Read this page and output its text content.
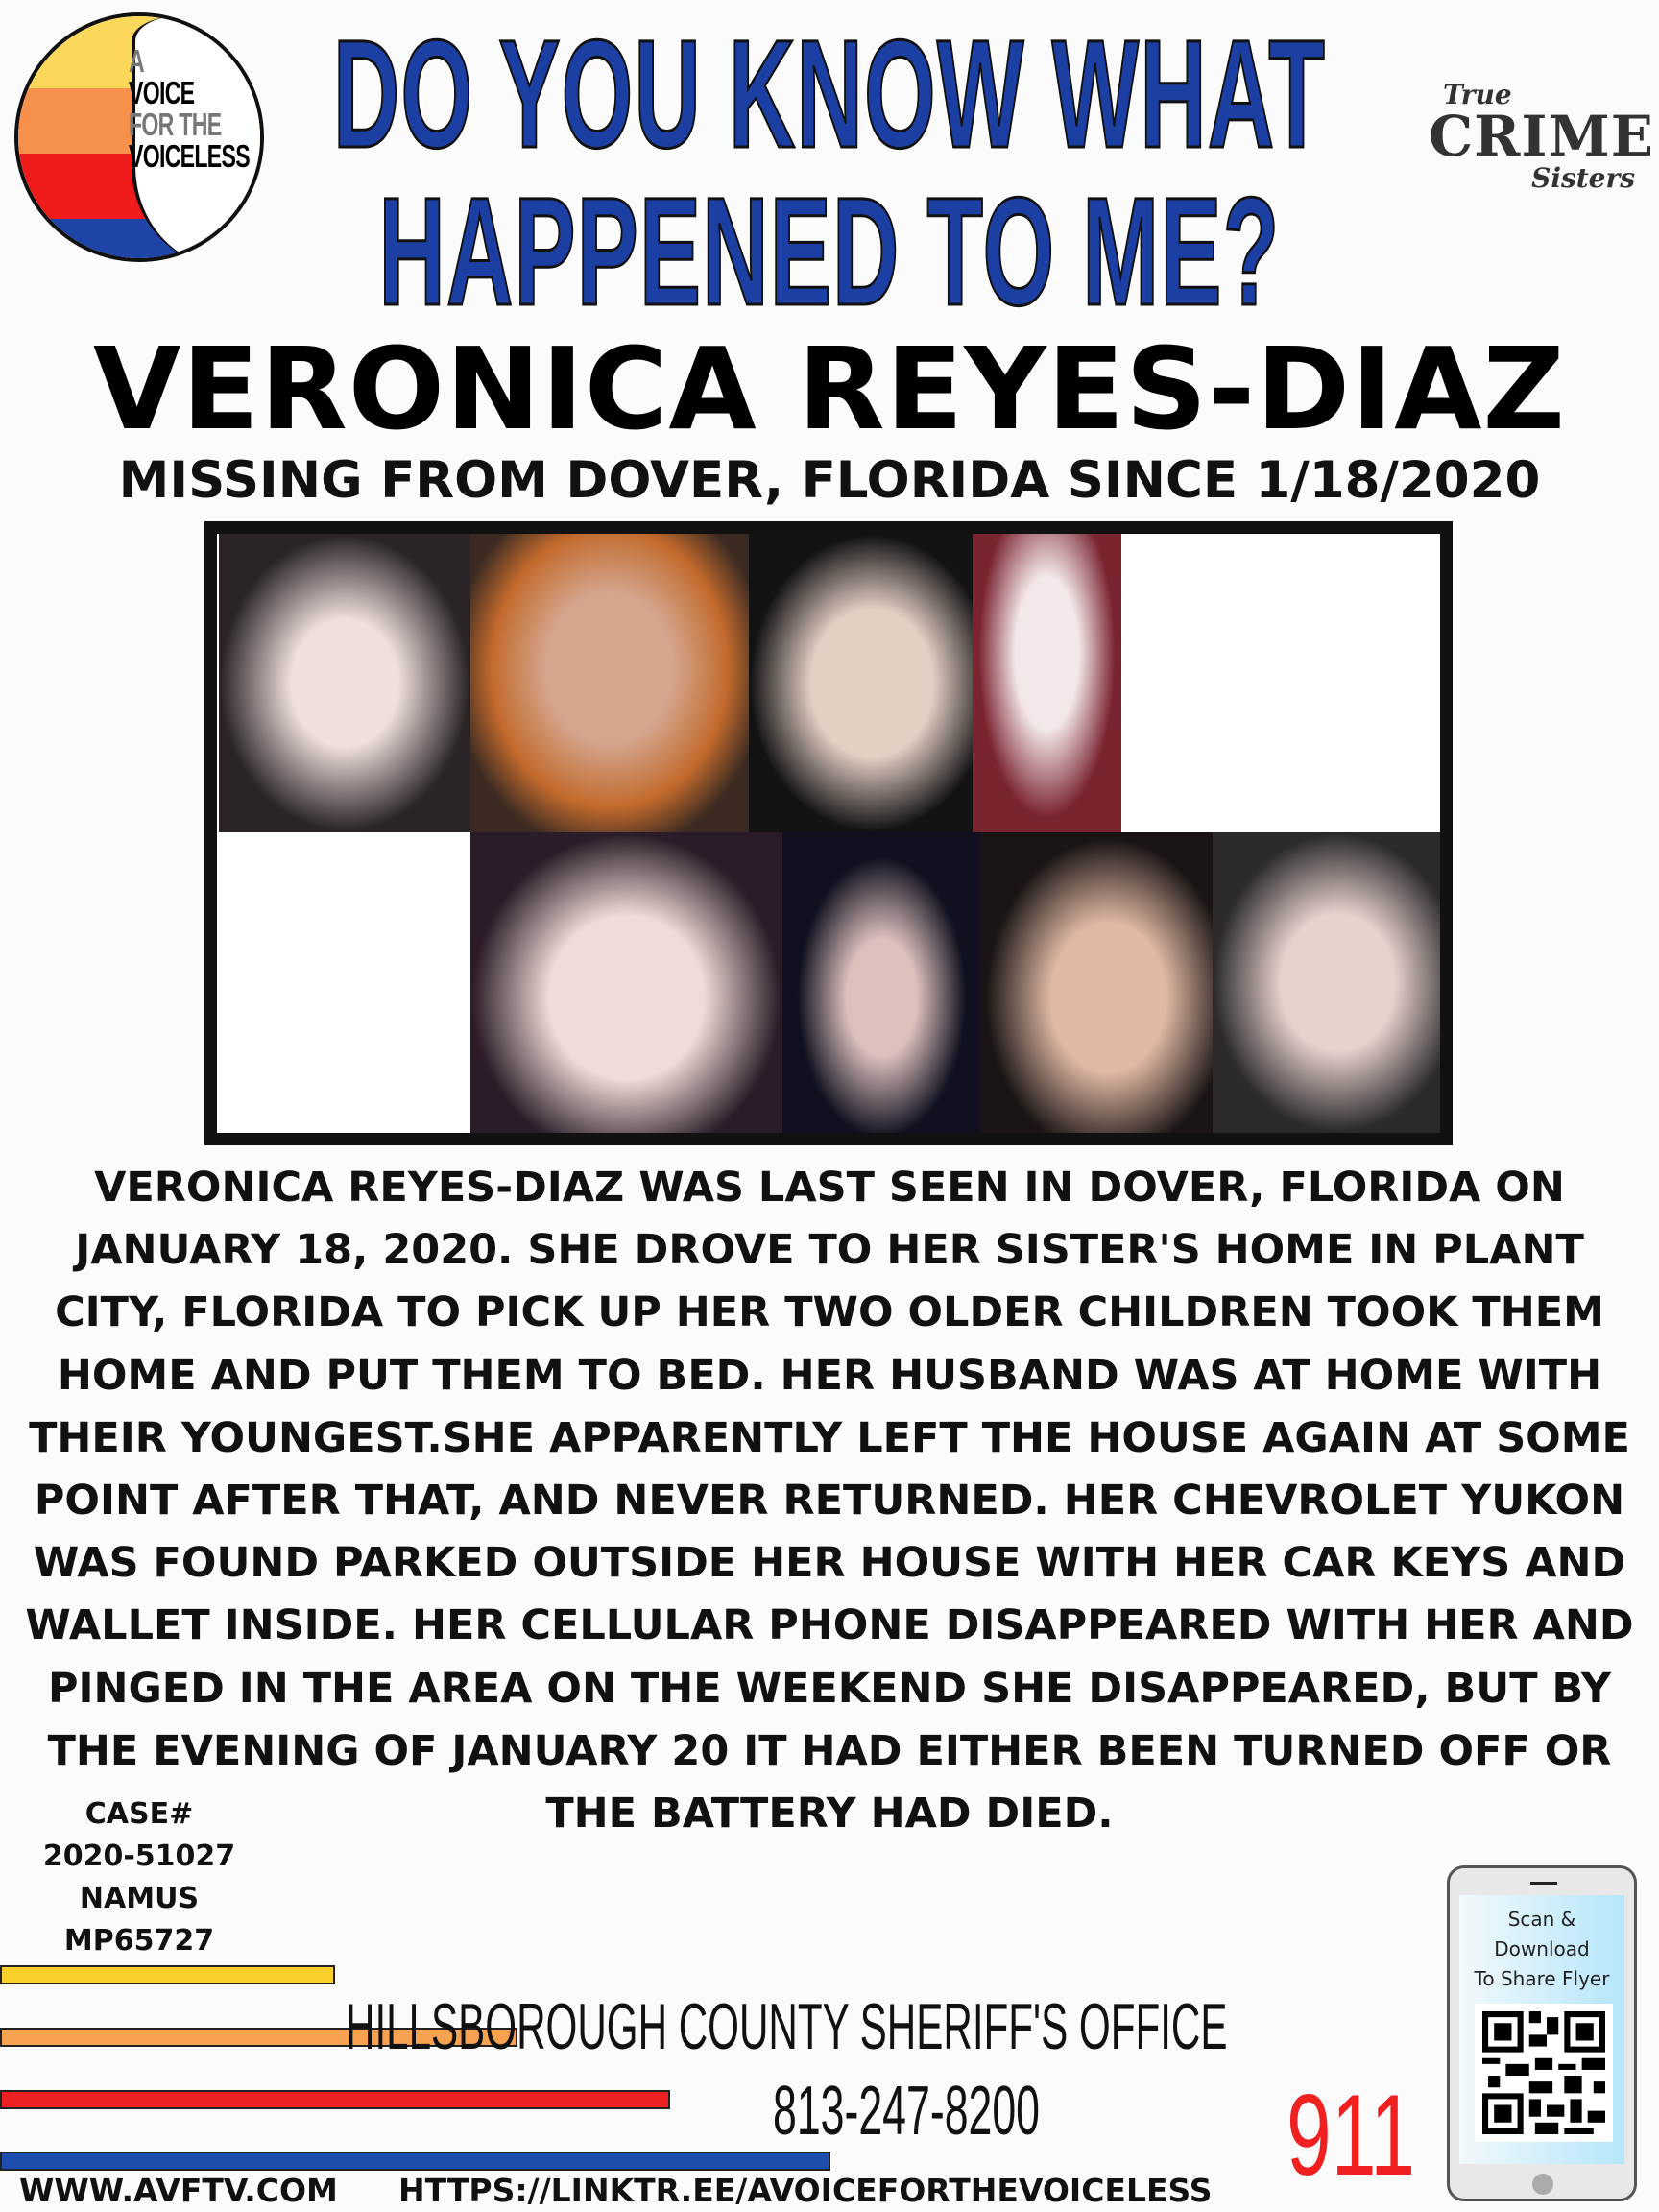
A
VOICE
FOR THE
VOICELESS DO YOU KNOW WHAT
HAPPENED TO ME?
True
CRIME
Sisters
VERONICA REYES-DIAZ
MISSING FROM DOVER, FLORIDA SINCE 1/18/2020
VERONICA REYES-DIAZ WAS LAST SEEN IN DOVER, FLORIDA ON JANUARY 18, 2020. SHE DROVE TO HER SISTER'S HOME IN PLANT CITY, FLORIDA TO PICK UP HER TWO OLDER CHILDREN TOOK THEM HOME AND PUT THEM TO BED. HER HUSBAND WAS AT HOME WITH THEIR YOUNGEST.SHE APPARENTLY LEFT THE HOUSE AGAIN AT SOME POINT AFTER THAT, AND NEVER RETURNED. HER CHEVROLET YUKON WAS FOUND PARKED OUTSIDE HER HOUSE WITH HER CAR KEYS AND WALLET INSIDE. HER CELLULAR PHONE DISAPPEARED WITH HER AND PINGED IN THE AREA ON THE WEEKEND SHE DISAPPEARED, BUT BY THE EVENING OF JANUARY 20 IT HAD EITHER BEEN TURNED OFF OR THE BATTERY HAD DIED.
CASE#
2020-51027
NAMUS
MP65727
HILLSBOROUGH COUNTY SHERIFF'S OFFICE
813-247-8200 911
Scan &
Download
To Share Flyer
WWW.AVFTV.COM HTTPS://LINKTR.EE/AVOICEFORTHEVOICELESS
